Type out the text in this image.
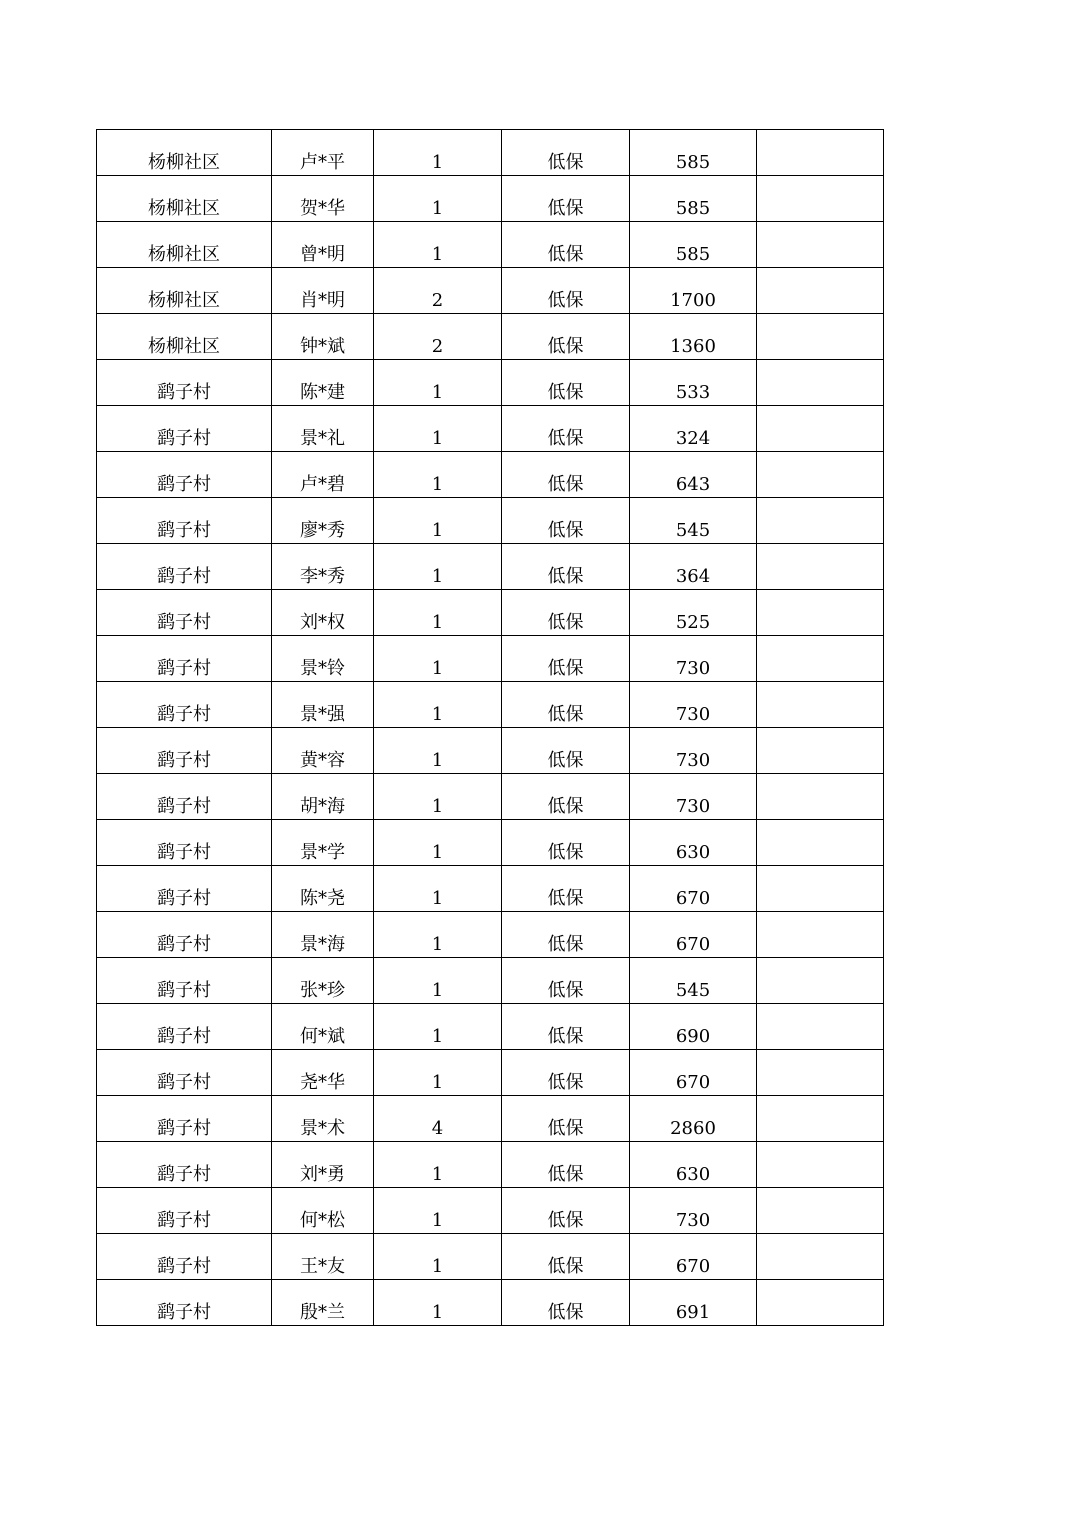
杨柳社区	卢*平	1	低保	585	
杨柳社区	贺*华	1	低保	585	
杨柳社区	曾*明	1	低保	585	
杨柳社区	肖*明	2	低保	1700	
杨柳社区	钟*斌	2	低保	1360	
鹞子村	陈*建	1	低保	533	
鹞子村	景*礼	1	低保	324	
鹞子村	卢*碧	1	低保	643	
鹞子村	廖*秀	1	低保	545	
鹞子村	李*秀	1	低保	364	
鹞子村	刘*权	1	低保	525	
鹞子村	景*铃	1	低保	730	
鹞子村	景*强	1	低保	730	
鹞子村	黄*容	1	低保	730	
鹞子村	胡*海	1	低保	730	
鹞子村	景*学	1	低保	630	
鹞子村	陈*尧	1	低保	670	
鹞子村	景*海	1	低保	670	
鹞子村	张*珍	1	低保	545	
鹞子村	何*斌	1	低保	690	
鹞子村	尧*华	1	低保	670	
鹞子村	景*术	4	低保	2860	
鹞子村	刘*勇	1	低保	630	
鹞子村	何*松	1	低保	730	
鹞子村	王*友	1	低保	670	
鹞子村	殷*兰	1	低保	691	
